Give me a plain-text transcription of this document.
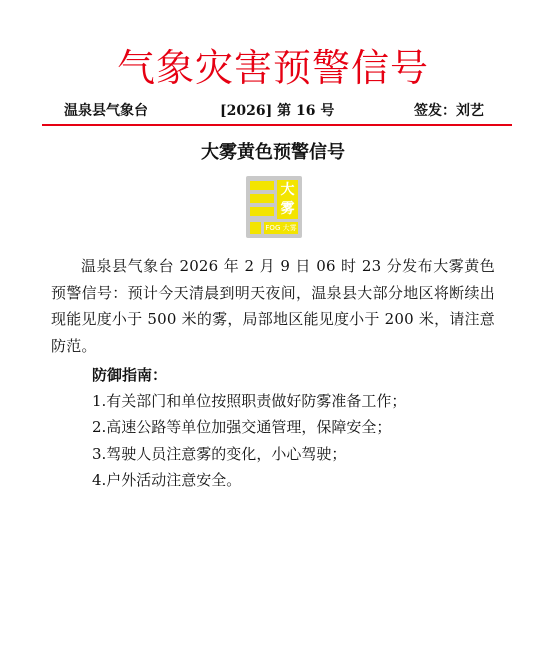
气象灾害预警信号
温泉县气象台	[2026] 第 16 号	签发：刘艺
大雾黄色预警信号
大
雾
FOG 大雾

温泉县气象台 2026 年 2 月 9 日 06 时 23 分发布大雾黄色预警信号：预计今天清晨到明天夜间，温泉县大部分地区将断续出现能见度小于 500 米的雾，局部地区能见度小于 200 米，请注意防范。

防御指南：
1.有关部门和单位按照职责做好防雾准备工作；
2.高速公路等单位加强交通管理，保障安全；
3.驾驶人员注意雾的变化，小心驾驶；
4.户外活动注意安全。
